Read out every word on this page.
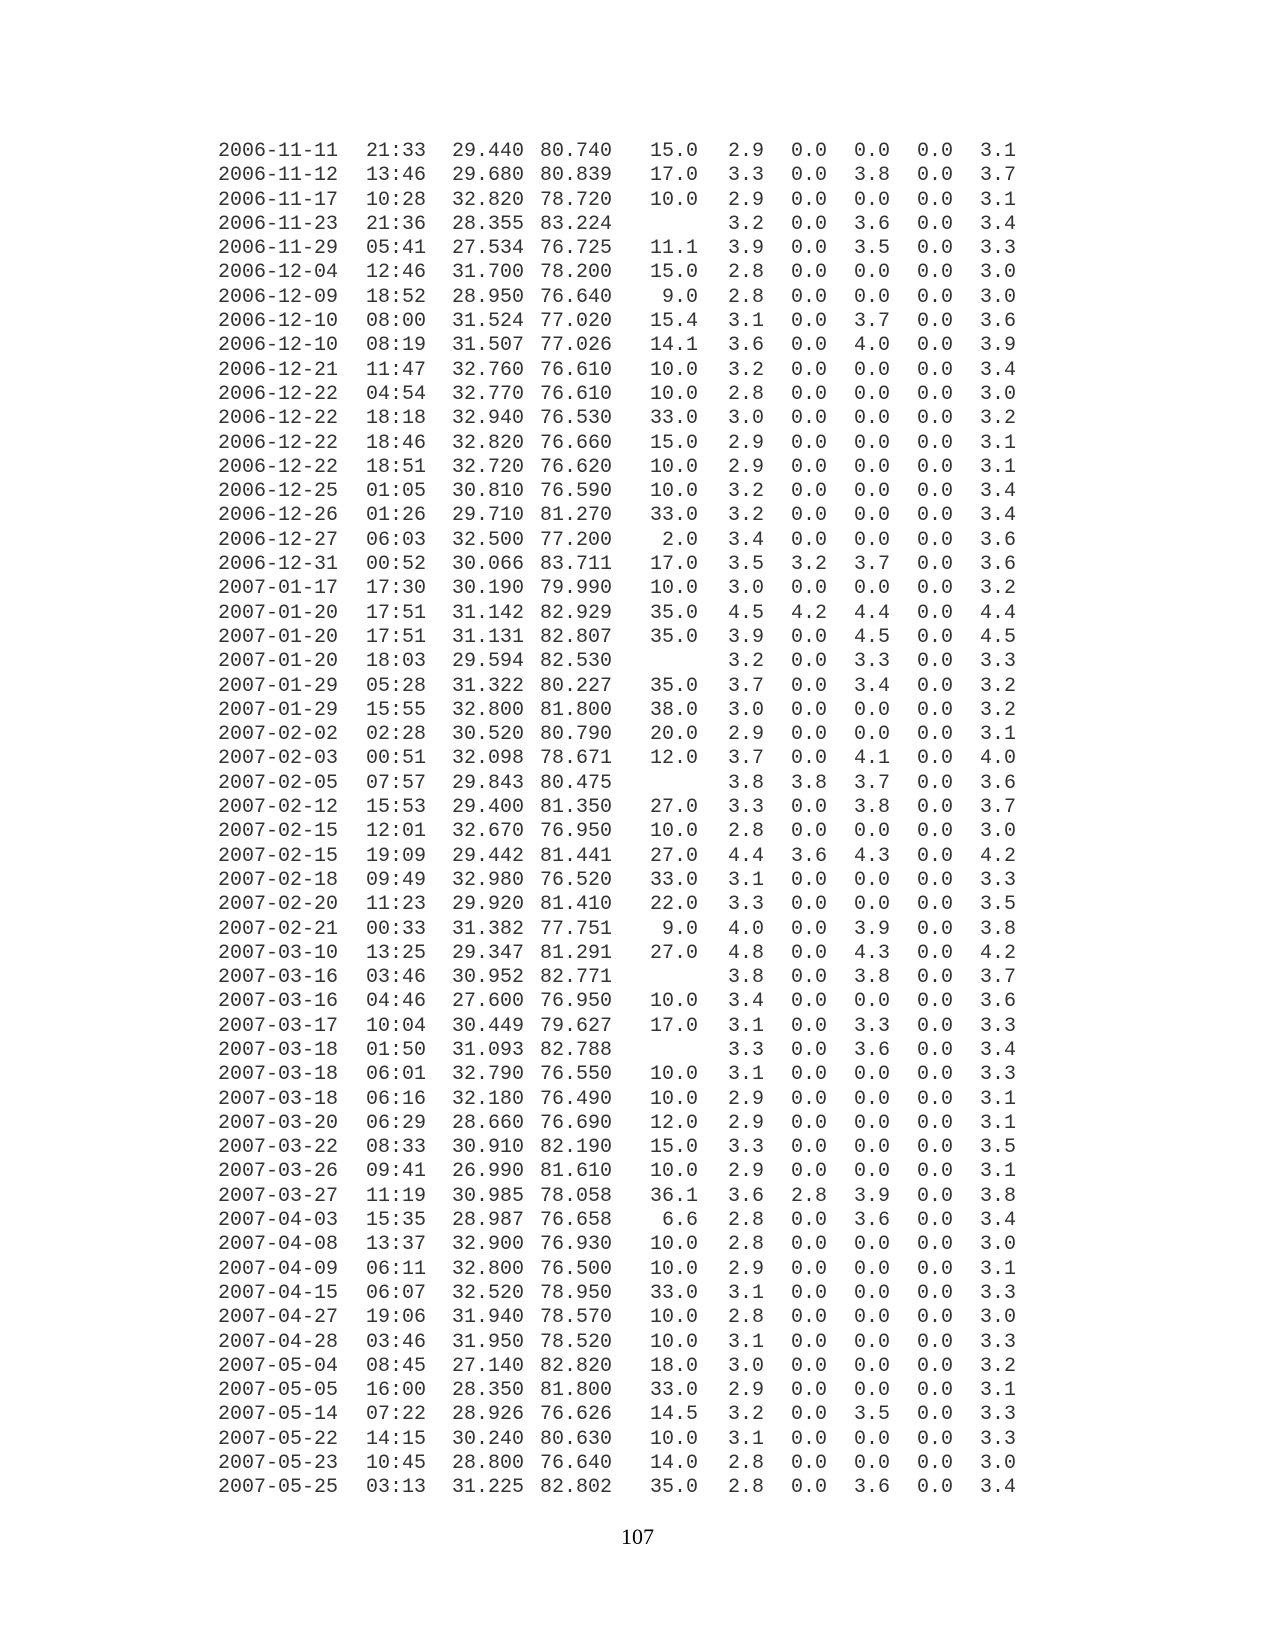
2006-11-11	21:33	29.440	80.740	15.0	2.9	0.0	0.0	0.0	3.1
2006-11-12	13:46	29.680	80.839	17.0	3.3	0.0	3.8	0.0	3.7
2006-11-17	10:28	32.820	78.720	10.0	2.9	0.0	0.0	0.0	3.1
2006-11-23	21:36	28.355	83.224		3.2	0.0	3.6	0.0	3.4
2006-11-29	05:41	27.534	76.725	11.1	3.9	0.0	3.5	0.0	3.3
2006-12-04	12:46	31.700	78.200	15.0	2.8	0.0	0.0	0.0	3.0
2006-12-09	18:52	28.950	76.640	9.0	2.8	0.0	0.0	0.0	3.0
2006-12-10	08:00	31.524	77.020	15.4	3.1	0.0	3.7	0.0	3.6
2006-12-10	08:19	31.507	77.026	14.1	3.6	0.0	4.0	0.0	3.9
2006-12-21	11:47	32.760	76.610	10.0	3.2	0.0	0.0	0.0	3.4
2006-12-22	04:54	32.770	76.610	10.0	2.8	0.0	0.0	0.0	3.0
2006-12-22	18:18	32.940	76.530	33.0	3.0	0.0	0.0	0.0	3.2
2006-12-22	18:46	32.820	76.660	15.0	2.9	0.0	0.0	0.0	3.1
2006-12-22	18:51	32.720	76.620	10.0	2.9	0.0	0.0	0.0	3.1
2006-12-25	01:05	30.810	76.590	10.0	3.2	0.0	0.0	0.0	3.4
2006-12-26	01:26	29.710	81.270	33.0	3.2	0.0	0.0	0.0	3.4
2006-12-27	06:03	32.500	77.200	2.0	3.4	0.0	0.0	0.0	3.6
2006-12-31	00:52	30.066	83.711	17.0	3.5	3.2	3.7	0.0	3.6
2007-01-17	17:30	30.190	79.990	10.0	3.0	0.0	0.0	0.0	3.2
2007-01-20	17:51	31.142	82.929	35.0	4.5	4.2	4.4	0.0	4.4
2007-01-20	17:51	31.131	82.807	35.0	3.9	0.0	4.5	0.0	4.5
2007-01-20	18:03	29.594	82.530		3.2	0.0	3.3	0.0	3.3
2007-01-29	05:28	31.322	80.227	35.0	3.7	0.0	3.4	0.0	3.2
2007-01-29	15:55	32.800	81.800	38.0	3.0	0.0	0.0	0.0	3.2
2007-02-02	02:28	30.520	80.790	20.0	2.9	0.0	0.0	0.0	3.1
2007-02-03	00:51	32.098	78.671	12.0	3.7	0.0	4.1	0.0	4.0
2007-02-05	07:57	29.843	80.475		3.8	3.8	3.7	0.0	3.6
2007-02-12	15:53	29.400	81.350	27.0	3.3	0.0	3.8	0.0	3.7
2007-02-15	12:01	32.670	76.950	10.0	2.8	0.0	0.0	0.0	3.0
2007-02-15	19:09	29.442	81.441	27.0	4.4	3.6	4.3	0.0	4.2
2007-02-18	09:49	32.980	76.520	33.0	3.1	0.0	0.0	0.0	3.3
2007-02-20	11:23	29.920	81.410	22.0	3.3	0.0	0.0	0.0	3.5
2007-02-21	00:33	31.382	77.751	9.0	4.0	0.0	3.9	0.0	3.8
2007-03-10	13:25	29.347	81.291	27.0	4.8	0.0	4.3	0.0	4.2
2007-03-16	03:46	30.952	82.771		3.8	0.0	3.8	0.0	3.7
2007-03-16	04:46	27.600	76.950	10.0	3.4	0.0	0.0	0.0	3.6
2007-03-17	10:04	30.449	79.627	17.0	3.1	0.0	3.3	0.0	3.3
2007-03-18	01:50	31.093	82.788		3.3	0.0	3.6	0.0	3.4
2007-03-18	06:01	32.790	76.550	10.0	3.1	0.0	0.0	0.0	3.3
2007-03-18	06:16	32.180	76.490	10.0	2.9	0.0	0.0	0.0	3.1
2007-03-20	06:29	28.660	76.690	12.0	2.9	0.0	0.0	0.0	3.1
2007-03-22	08:33	30.910	82.190	15.0	3.3	0.0	0.0	0.0	3.5
2007-03-26	09:41	26.990	81.610	10.0	2.9	0.0	0.0	0.0	3.1
2007-03-27	11:19	30.985	78.058	36.1	3.6	2.8	3.9	0.0	3.8
2007-04-03	15:35	28.987	76.658	6.6	2.8	0.0	3.6	0.0	3.4
2007-04-08	13:37	32.900	76.930	10.0	2.8	0.0	0.0	0.0	3.0
2007-04-09	06:11	32.800	76.500	10.0	2.9	0.0	0.0	0.0	3.1
2007-04-15	06:07	32.520	78.950	33.0	3.1	0.0	0.0	0.0	3.3
2007-04-27	19:06	31.940	78.570	10.0	2.8	0.0	0.0	0.0	3.0
2007-04-28	03:46	31.950	78.520	10.0	3.1	0.0	0.0	0.0	3.3
2007-05-04	08:45	27.140	82.820	18.0	3.0	0.0	0.0	0.0	3.2
2007-05-05	16:00	28.350	81.800	33.0	2.9	0.0	0.0	0.0	3.1
2007-05-14	07:22	28.926	76.626	14.5	3.2	0.0	3.5	0.0	3.3
2007-05-22	14:15	30.240	80.630	10.0	3.1	0.0	0.0	0.0	3.3
2007-05-23	10:45	28.800	76.640	14.0	2.8	0.0	0.0	0.0	3.0
2007-05-25	03:13	31.225	82.802	35.0	2.8	0.0	3.6	0.0	3.4
107
